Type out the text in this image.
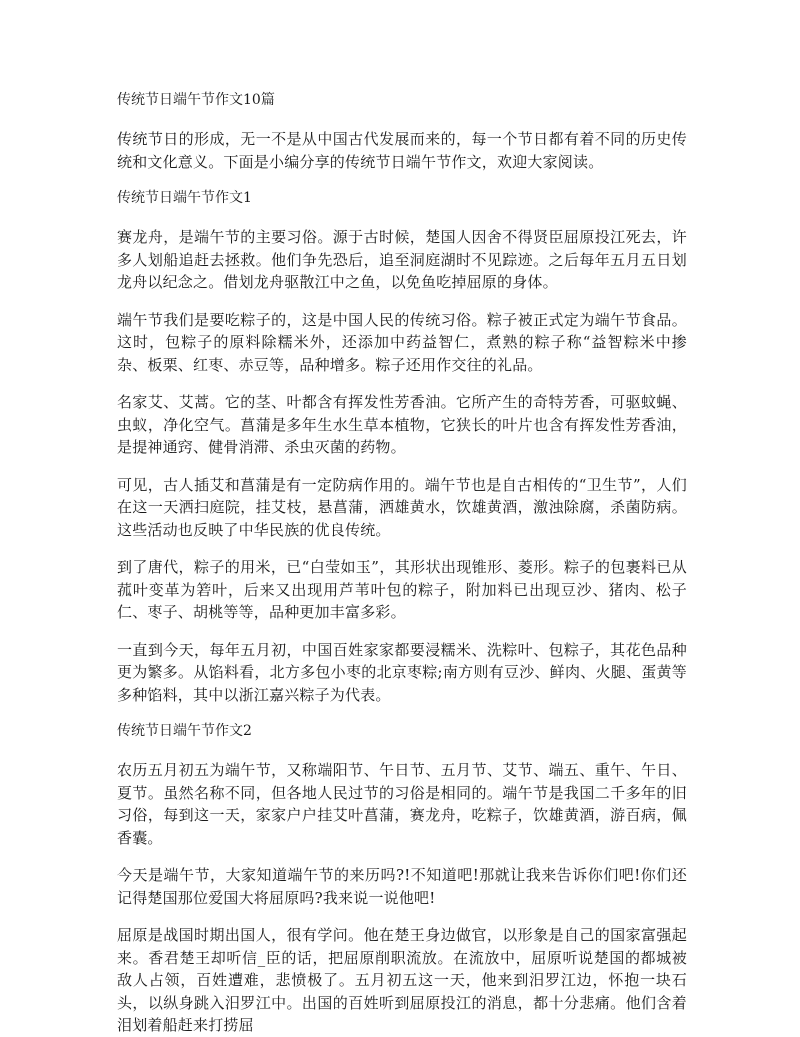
传统节日端午节作文10篇

传统节日的形成，无一不是从中国古代发展而来的，每一个节日都有着不同的历史传统和文化意义。下面是小编分享的传统节日端午节作文，欢迎大家阅读。

传统节日端午节作文1

赛龙舟，是端午节的主要习俗。源于古时候，楚国人因舍不得贤臣屈原投江死去，许多人划船追赶去拯救。他们争先恐后，追至洞庭湖时不见踪迹。之后每年五月五日划龙舟以纪念之。借划龙舟驱散江中之鱼，以免鱼吃掉屈原的身体。

端午节我们是要吃粽子的，这是中国人民的传统习俗。粽子被正式定为端午节食品。这时，包粽子的原料除糯米外，还添加中药益智仁，煮熟的粽子称“益智粽米中掺杂、板栗、红枣、赤豆等，品种增多。粽子还用作交往的礼品。

名家艾、艾蒿。它的茎、叶都含有挥发性芳香油。它所产生的奇特芳香，可驱蚊蝇、虫蚁，净化空气。菖蒲是多年生水生草本植物，它狭长的叶片也含有挥发性芳香油，是提神通窍、健骨消滞、杀虫灭菌的药物。

可见，古人插艾和菖蒲是有一定防病作用的。端午节也是自古相传的“卫生节”，人们在这一天洒扫庭院，挂艾枝，悬菖蒲，洒雄黄水，饮雄黄酒，激浊除腐，杀菌防病。这些活动也反映了中华民族的优良传统。

到了唐代，粽子的用米，已“白莹如玉”，其形状出现锥形、菱形。粽子的包裹料已从菰叶变革为箬叶，后来又出现用芦苇叶包的粽子，附加料已出现豆沙、猪肉、松子仁、枣子、胡桃等等，品种更加丰富多彩。

一直到今天，每年五月初，中国百姓家家都要浸糯米、洗粽叶、包粽子，其花色品种更为繁多。从馅料看，北方多包小枣的北京枣粽;南方则有豆沙、鲜肉、火腿、蛋黄等多种馅料，其中以浙江嘉兴粽子为代表。

传统节日端午节作文2

农历五月初五为端午节，又称端阳节、午日节、五月节、艾节、端五、重午、午日、夏节。虽然名称不同，但各地人民过节的习俗是相同的。端午节是我国二千多年的旧习俗，每到这一天，家家户户挂艾叶菖蒲，赛龙舟，吃粽子，饮雄黄酒，游百病，佩香囊。

今天是端午节，大家知道端午节的来历吗?!不知道吧!那就让我来告诉你们吧!你们还记得楚国那位爱国大将屈原吗?我来说一说他吧!

屈原是战国时期出国人，很有学问。他在楚王身边做官，以形象是自己的国家富强起来。香君楚王却听信_臣的话，把屈原削职流放。在流放中，屈原听说楚国的都城被敌人占领，百姓遭难，悲愤极了。五月初五这一天，他来到汨罗江边，怀抱一块石头，以纵身跳入汨罗江中。出国的百姓听到屈原投江的消息，都十分悲痛。他们含着泪划着船赶来打捞屈
